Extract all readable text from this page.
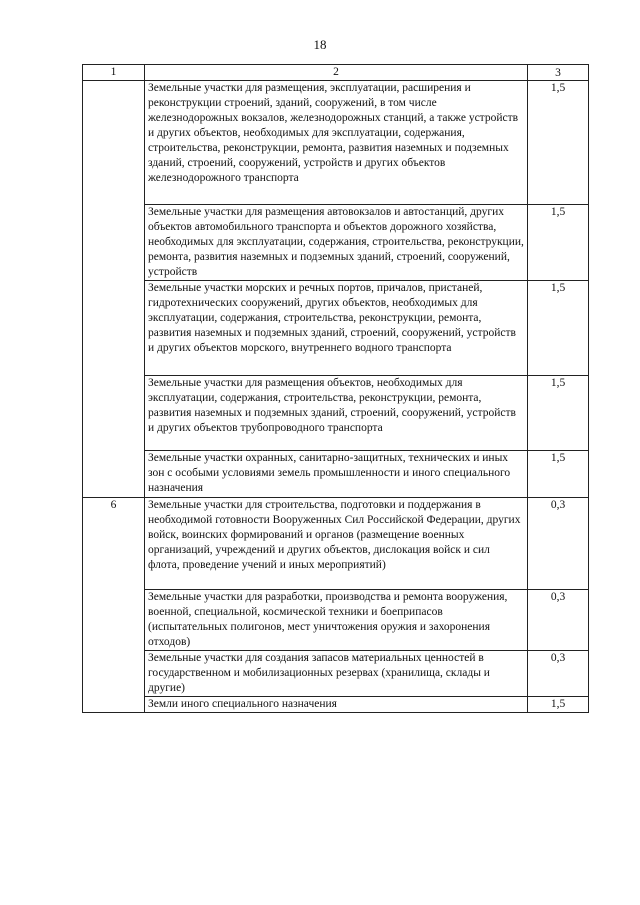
18
1	2	3
	Земельные участки для размещения, эксплуатации, расширения и реконструкции строений, зданий, сооружений, в том числе железнодорожных вокзалов, железнодорожных станций, а также устройств и других объектов, необходимых для эксплуатации, содержания, строительства, реконструкции, ремонта, развития наземных и подземных зданий, строений, сооружений, устройств и других объектов железнодорожного транспорта	1,5
	Земельные участки для размещения автовокзалов и автостанций, других объектов автомобильного транспорта и объектов дорожного хозяйства, необходимых для эксплуатации, содержания, строительства, реконструкции, ремонта, развития наземных и подземных зданий, строений, сооружений, устройств	1,5
	Земельные участки морских и речных портов, причалов, пристаней, гидротехнических сооружений, других объектов, необходимых для эксплуатации, содержания, строительства, реконструкции, ремонта, развития наземных и подземных зданий, строений, сооружений, устройств и других объектов морского, внутреннего водного транспорта	1,5
	Земельные участки для размещения объектов, необходимых для эксплуатации, содержания, строительства, реконструкции, ремонта, развития наземных и подземных зданий, строений, сооружений, устройств и других объектов трубопроводного транспорта	1,5
	Земельные участки охранных, санитарно-защитных, технических и иных зон с особыми условиями земель промышленности и иного специального назначения	1,5
6	Земельные участки для строительства, подготовки и поддержания в необходимой готовности Вооруженных Сил Российской Федерации, других войск, воинских формирований и органов (размещение военных организаций, учреждений и других объектов, дислокация войск и сил флота, проведение учений и иных мероприятий)	0,3
	Земельные участки для разработки, производства и ремонта вооружения, военной, специальной, космической техники и боеприпасов (испытательных полигонов, мест уничтожения оружия и захоронения отходов)	0,3
	Земельные участки для создания запасов материальных ценностей в государственном и мобилизационных резервах (хранилища, склады и другие)	0,3
	Земли иного специального назначения	1,5
